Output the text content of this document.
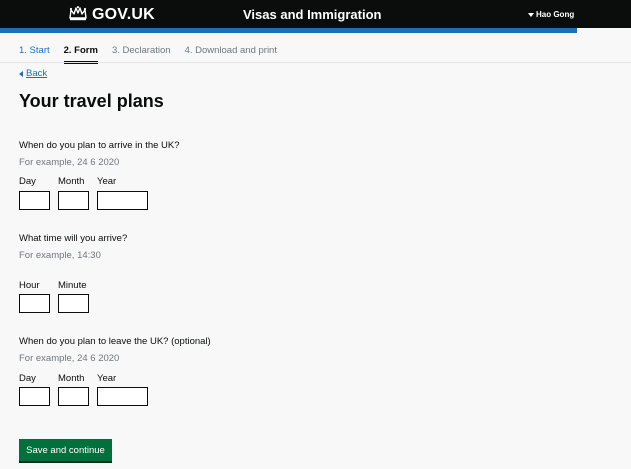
GOV.UK	Visas and Immigration	Hao Gong
1. Start 2. Form 3. Declaration 4. Download and print
Back
Your travel plans
When do you plan to arrive in the UK?
For example, 24 6 2020
Day Month Year
What time will you arrive?
For example, 14:30
Hour Minute
When do you plan to leave the UK? (optional)
For example, 24 6 2020
Day Month Year
Save and continue
